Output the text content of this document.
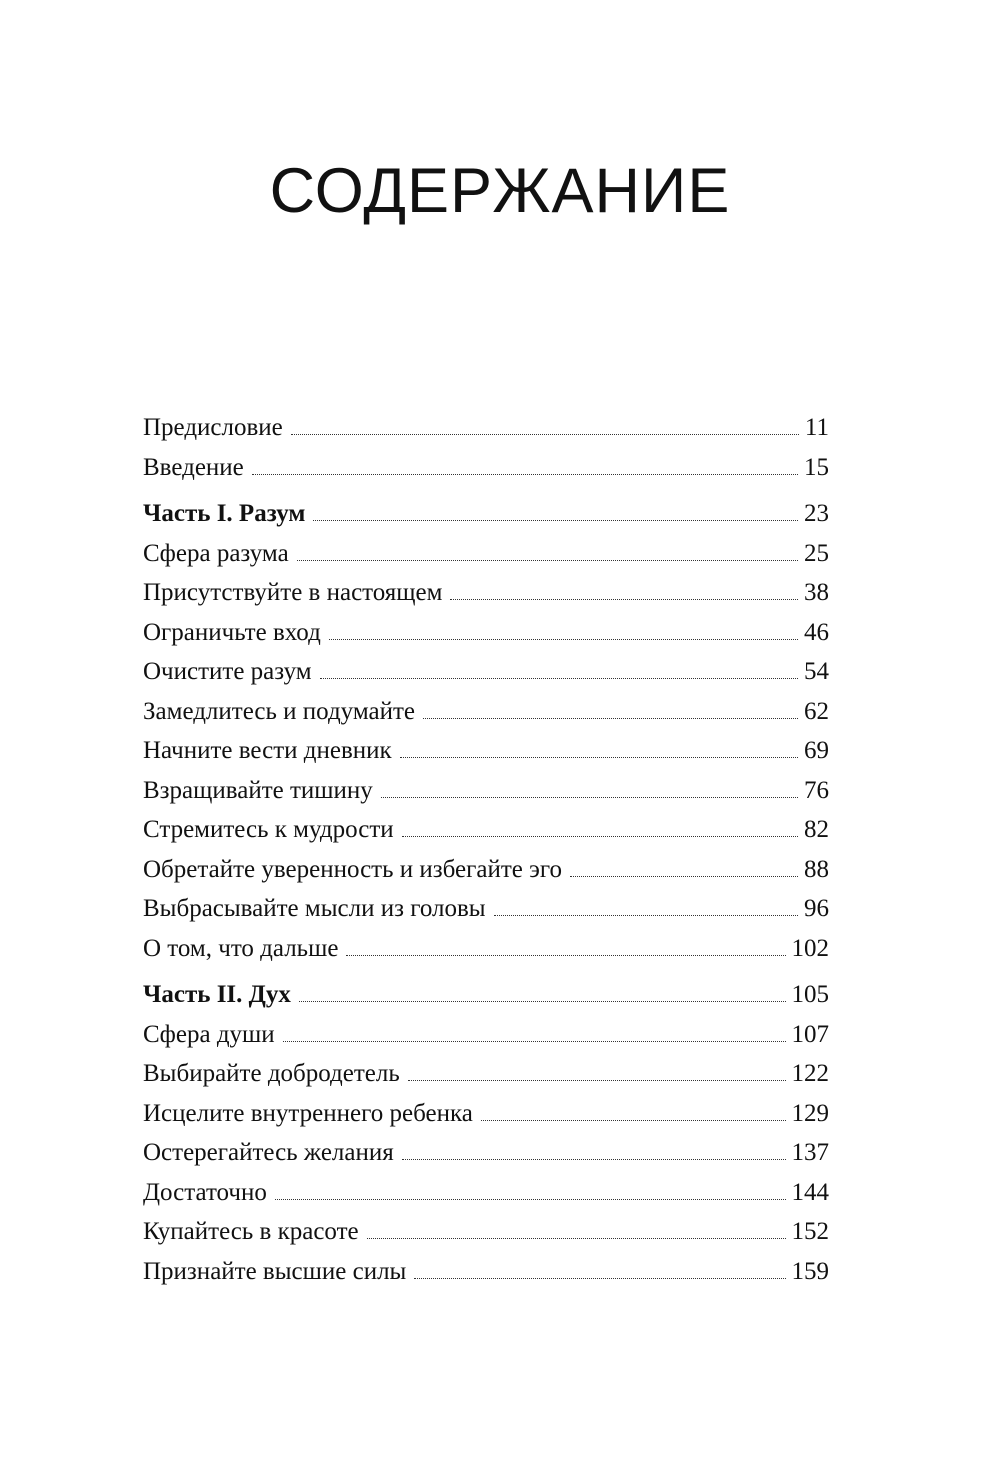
СОДЕРЖАНИЕ
Предисловие	11
Введение	15
Часть I. Разум	23
Сфера разума	25
Присутствуйте в настоящем	38
Ограничьте вход	46
Очистите разум	54
Замедлитесь и подумайте	62
Начните вести дневник	69
Взращивайте тишину	76
Стремитесь к мудрости	82
Обретайте уверенность и избегайте эго	88
Выбрасывайте мысли из головы	96
О том, что дальше	102
Часть II. Дух	105
Сфера души	107
Выбирайте добродетель	122
Исцелите внутреннего ребенка	129
Остерегайтесь желания	137
Достаточно	144
Купайтесь в красоте	152
Признайте высшие силы	159
